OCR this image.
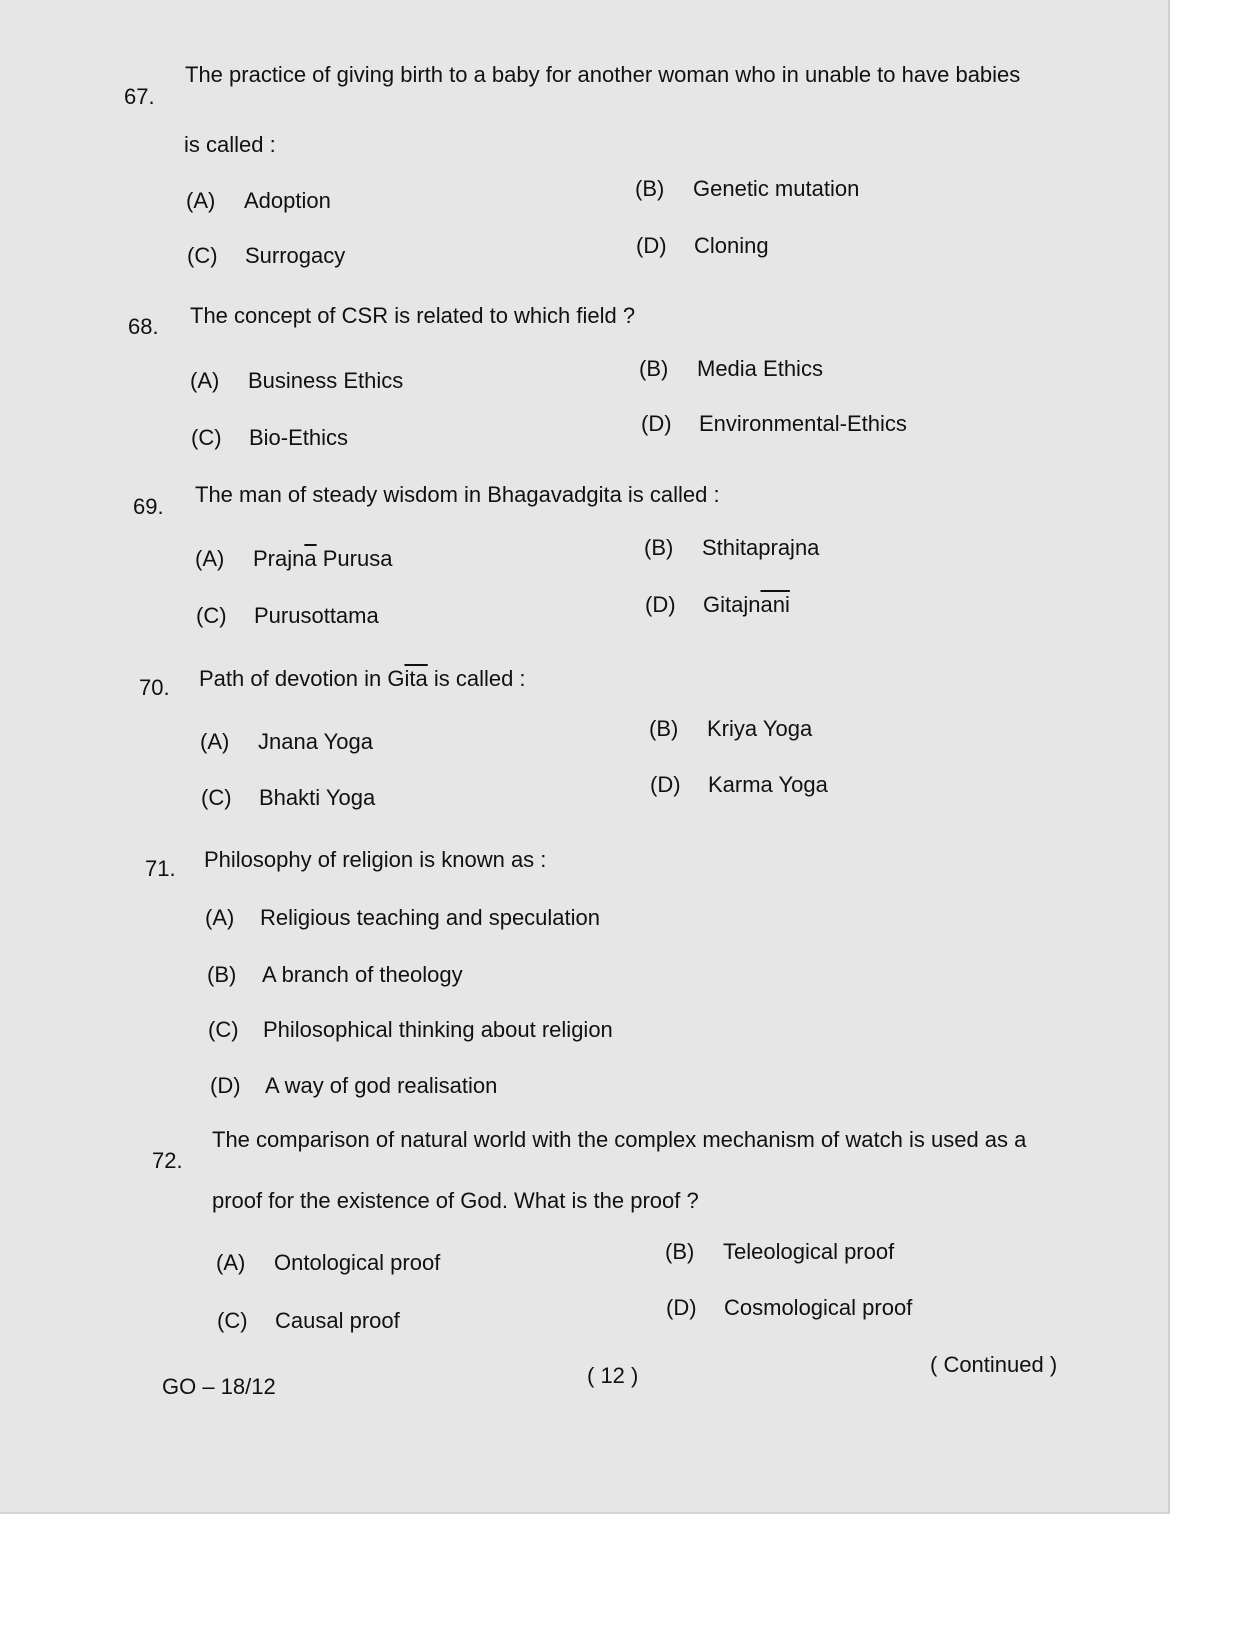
67.
The practice of giving birth to a baby for another woman who in unable to have babies
is called :
(A) Adoption	(B) Genetic mutation
(C) Surrogacy	(D) Cloning
68. The concept of CSR is related to which field ?
(A) Business Ethics	(B) Media Ethics
(C) Bio-Ethics
(D) Environmental-Ethics
69. The man of steady wisdom in Bhagavadgita is called :
(A) $Prajn\overline{a}$ Purusa	(B) Sthitaprajna
(C) Purusottama	(D) $Gitajn\overline{ani}$
70. Path of devotion in $G\overline{ita}$ is called :
(A) Jnana Yoga
(B) Kriya Yoga
(C) Bhakti Yoga
(D) Karma Yoga
71. Philosophy of religion is known as :
(A) Religious teaching and speculation
(B) A branch of theology
(C) Philosophical thinking about religion
(D) A way of god realisation
72.
The comparison of natural world with the complex mechanism of watch is used as a
proof for the existence of God. What is the proof ?
(A) Ontological proof	(B) Teleological proof
(C) Causal proof
(D) Cosmological proof
GO – 18/12	( 12 )	( Continued )
